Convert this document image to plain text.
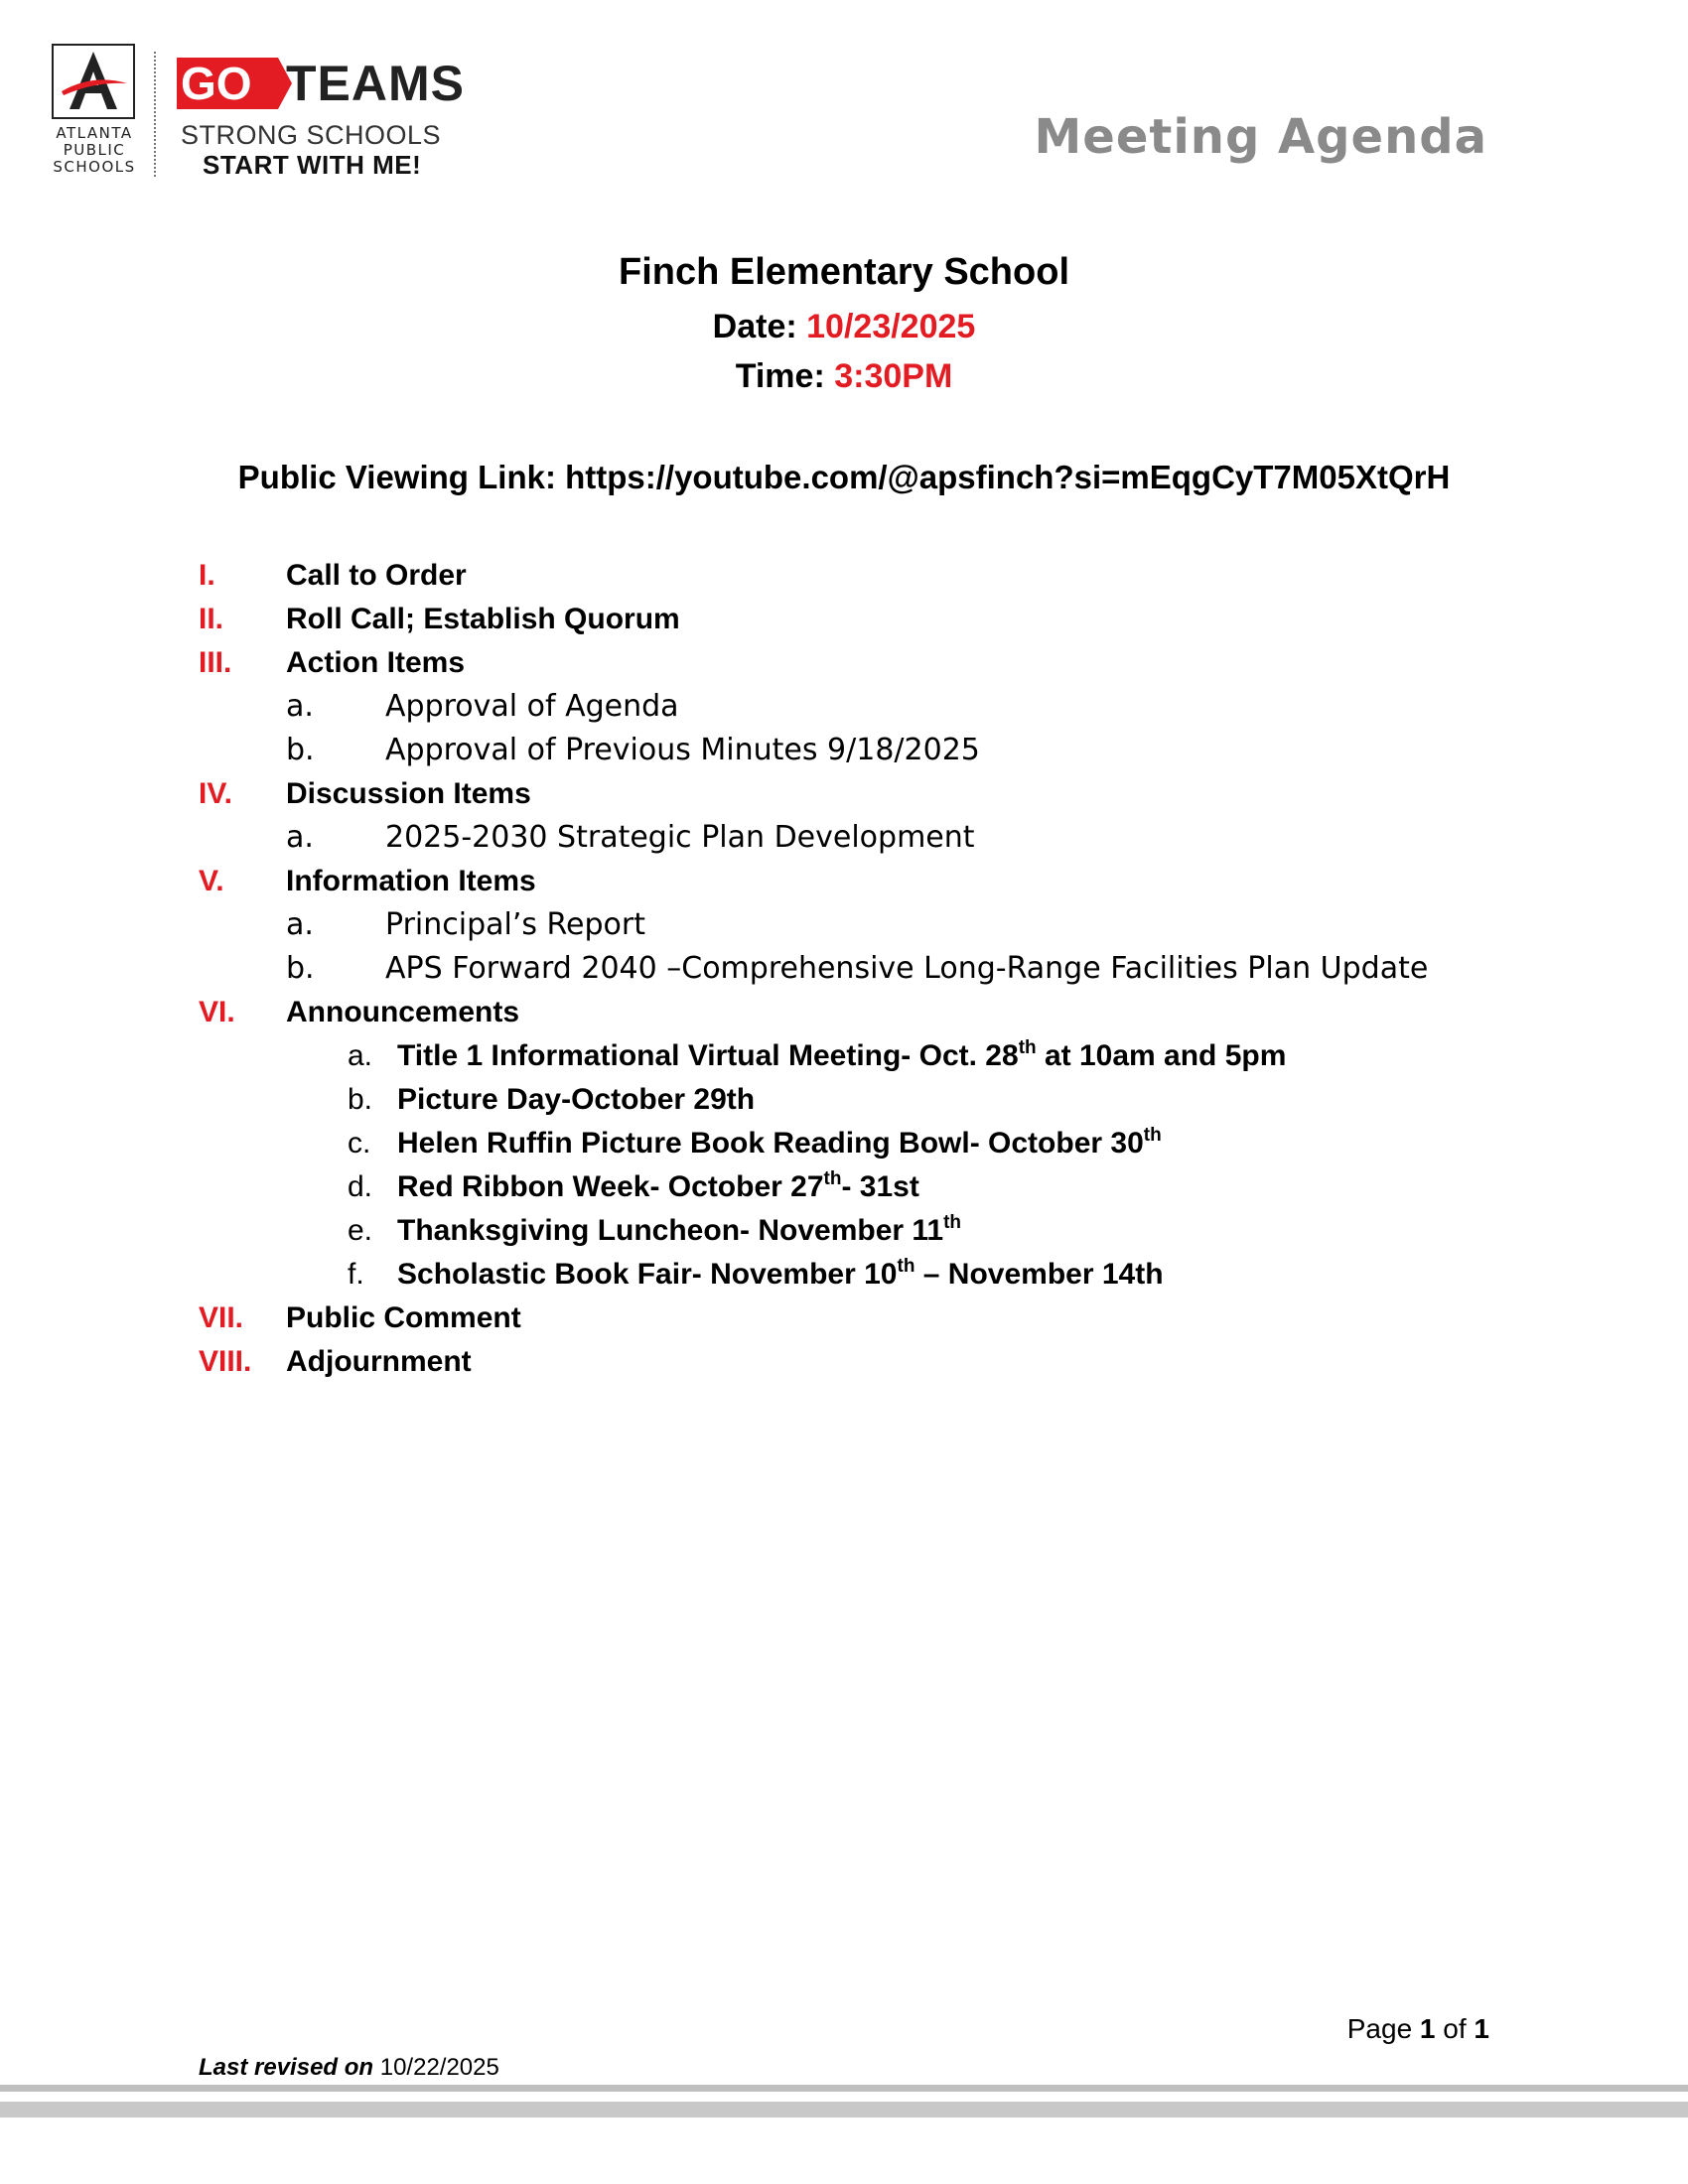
ATLANTA
PUBLIC
SCHOOLS
GO TEAMS
STRONG SCHOOLS
START WITH ME!	Meeting Agenda
Finch Elementary School
Date: 10/23/2025
Time: 3:30PM
Public Viewing Link: https://youtube.com/@apsfinch?si=mEqgCyT7M05XtQrH
I. Call to Order
II. Roll Call; Establish Quorum
III. Action Items
a. Approval of Agenda
b. Approval of Previous Minutes 9/18/2025
IV. Discussion Items
a. 2025-2030 Strategic Plan Development
V. Information Items
a. Principal’s Report
b. APS Forward 2040 –Comprehensive Long-Range Facilities Plan Update
VI. Announcements
a. Title 1 Informational Virtual Meeting- Oct. 28th at 10am and 5pm
b. Picture Day-October 29th
c. Helen Ruffin Picture Book Reading Bowl- October 30th
d. Red Ribbon Week- October 27th- 31st
e. Thanksgiving Luncheon- November 11th
f. Scholastic Book Fair- November 10th – November 14th
VII. Public Comment
VIII. Adjournment
Page 1 of 1
Last revised on 10/22/2025
